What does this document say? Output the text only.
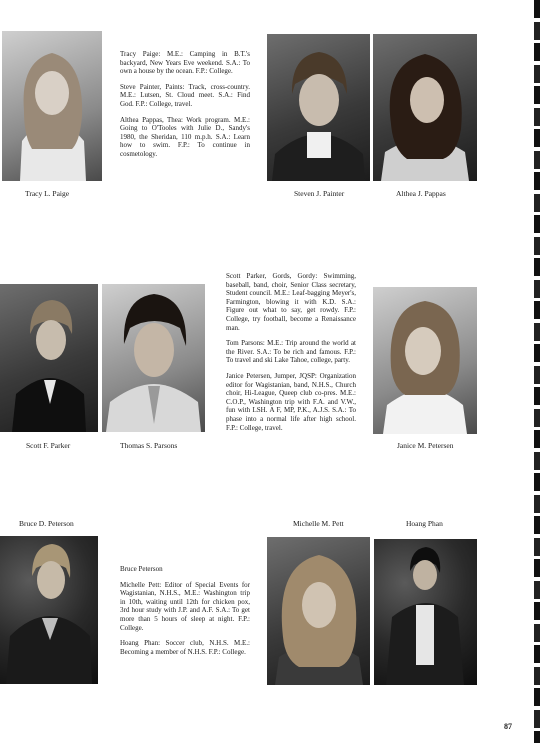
Tracy L. Paige

Tracy Paige: M.E.: Camping in B.T.'s backyard, New Years Eve weekend. S.A.: To own a house by the ocean. F.P.: College.

Steve Painter, Paints: Track, cross-country. M.E.: Lutsen, St. Cloud meet. S.A.: Find God. F.P.: College, travel.

Althea Pappas, Thea: Work program. M.E.: Going to O'Tooles with Julie D., Sandy's 1980, the Sheridan, 110 m.p.h. S.A.: Learn how to swim. F.P.: To continue in cosmetology.

Steven J. Painter	Althea J. Pappas
Scott F. Parker	Thomas S. Parsons

Scott Parker, Gords, Gordy: Swimming, baseball, band, choir, Senior Class secretary, Student council. M.E.: Leaf-bagging Meyer's, Farmington, blowing it with K.D. S.A.: Figure out what to say, get rowdy. F.P.: College, try football, become a Renaissance man.

Tom Parsons: M.E.: Trip around the world at the River. S.A.: To be rich and famous. F.P.: To travel and ski Lake Tahoe, college, party.

Janice Petersen, Jumper, JQSP: Organization editor for Wagistanian, band, N.H.S., Church choir, Hi-League, Queep club co-pres. M.E.: C.O.P., Washington trip with F.A. and V.W., fun with LSH. A F, MP, P.K., A.J.S. S.A.: To phase into a normal life after high school. F.P.: College, travel.

Janice M. Petersen
Bruce D. Peterson	Michelle M. Pett	Hoang Phan

Bruce Peterson

Michelle Pett: Editor of Special Events for Wagistanian, N.H.S., M.E.: Washington trip in 10th, waiting until 12th for chicken pox, 3rd hour study with J.P. and A.F. S.A.: To get more than 5 hours of sleep at night. F.P.: College.

Hoang Phan: Soccer club, N.H.S. M.E.: Becoming a member of N.H.S. F.P.: College.

87
